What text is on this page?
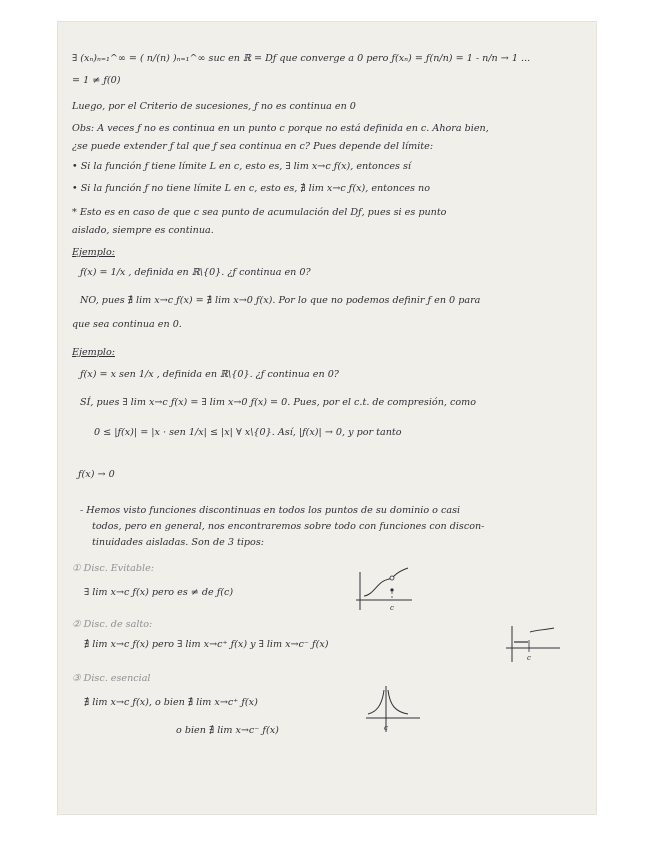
∃ (xₙ)ₙ₌₁^∞ = ( n/(n) )ₙ₌₁^∞ suc en ℝ = Dƒ que converge a 0 pero ƒ(xₙ) = ƒ(n/n) = 1 - n/n → 1 ...
= 1 ≠ ƒ(0)
Luego, por el Criterio de sucesiones, ƒ no es continua en 0
Obs: A veces ƒ no es continua en un punto c porque no está definida en c. Ahora bien,
¿se puede extender ƒ tal que ƒ sea continua en c? Pues depende del límite:
• Si la función ƒ tiene límite L en c, esto es, ∃ lim x→c ƒ(x), entonces sí
• Si la función ƒ no tiene límite L en c, esto es, ∄ lim x→c ƒ(x), entonces no
* Esto es en caso de que c sea punto de acumulación del Dƒ, pues si es punto
aislado, siempre es continua.
Ejemplo:
ƒ(x) = 1/x , definida en ℝ\{0}. ¿ƒ continua en 0?
NO, pues ∄ lim x→c ƒ(x) = ∄ lim x→0 ƒ(x). Por lo que no podemos definir ƒ en 0 para
que sea continua en 0.
Ejemplo:
ƒ(x) = x sen 1/x , definida en ℝ\{0}. ¿ƒ continua en 0?
SÍ, pues ∃ lim x→c ƒ(x) = ∃ lim x→0 ƒ(x) = 0. Pues, por el c.t. de compresión, como
0 ≤ |ƒ(x)| = |x · sen 1/x| ≤ |x| ∀ x\{0}. Así, |ƒ(x)| → 0, y por tanto
ƒ(x) → 0
- Hemos visto funciones discontinuas en todos los puntos de su dominio o casi
todos, pero en general, nos encontraremos sobre todo con funciones con discon-
tinuidades aisladas. Son de 3 tipos:
① Disc. Evitable:
∃ lim x→c ƒ(x) pero es ≠ de ƒ(c)
② Disc. de salto:
∄ lim x→c ƒ(x) pero ∃ lim x→c⁺ ƒ(x) y ∃ lim x→c⁻ ƒ(x)
③ Disc. esencial
∄ lim x→c ƒ(x), o bien ∄ lim x→c⁺ ƒ(x)
o bien ∄ lim x→c⁻ ƒ(x)
c
c
c
